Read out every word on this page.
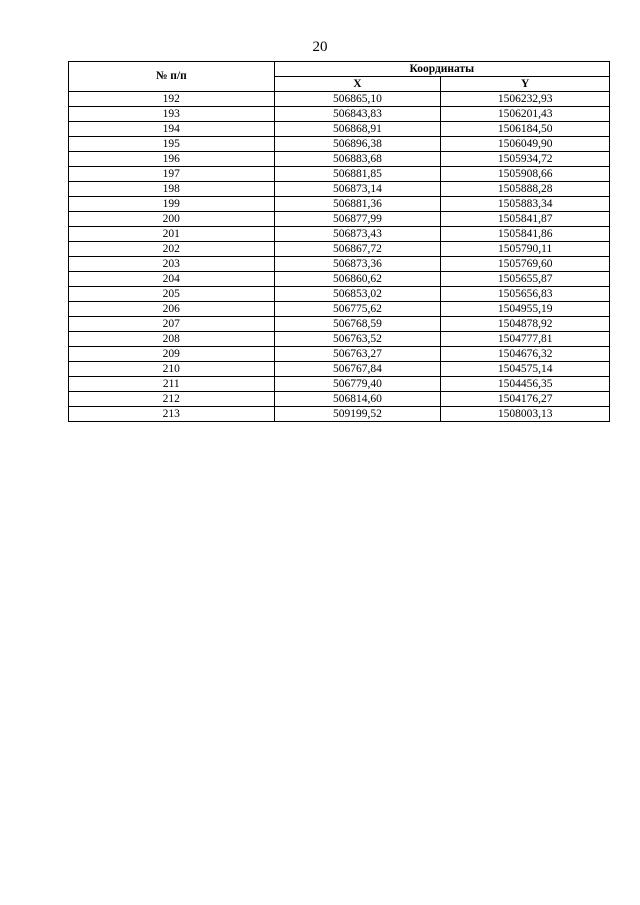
20
№ п/п	Координаты	
	X	Y
192	506865,10	1506232,93
193	506843,83	1506201,43
194	506868,91	1506184,50
195	506896,38	1506049,90
196	506883,68	1505934,72
197	506881,85	1505908,66
198	506873,14	1505888,28
199	506881,36	1505883,34
200	506877,99	1505841,87
201	506873,43	1505841,86
202	506867,72	1505790,11
203	506873,36	1505769,60
204	506860,62	1505655,87
205	506853,02	1505656,83
206	506775,62	1504955,19
207	506768,59	1504878,92
208	506763,52	1504777,81
209	506763,27	1504676,32
210	506767,84	1504575,14
211	506779,40	1504456,35
212	506814,60	1504176,27
213	509199,52	1508003,13
